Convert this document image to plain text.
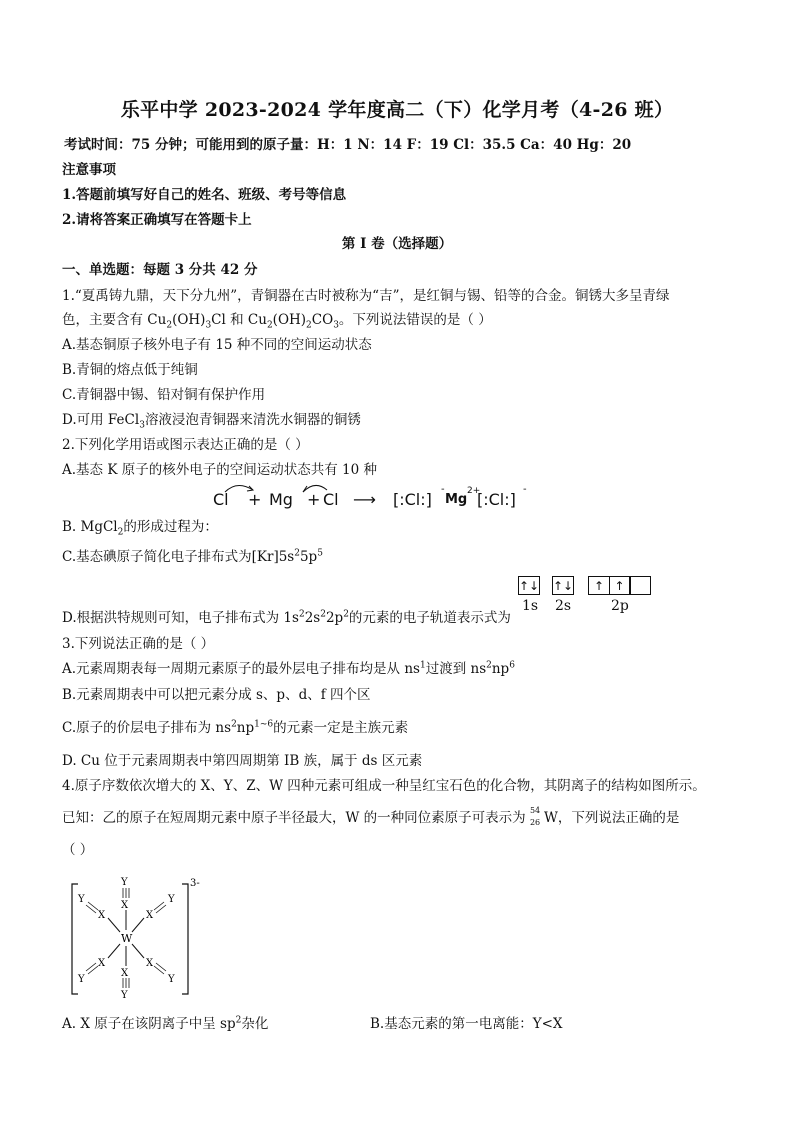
乐平中学 2023-2024 学年度高二（下）化学月考（4-26 班）
考试时间：75 分钟；可能用到的原子量：H：1 N：14 F：19 Cl：35.5 Ca：40 Hg：20
注意事项
1.答题前填写好自己的姓名、班级、考号等信息
2.请将答案正确填写在答题卡上
第 I 卷（选择题）
一、单选题：每题 3 分共 42 分
1.“夏禹铸九鼎，天下分九州”，青铜器在古时被称为“吉”，是红铜与锡、铅等的合金。铜锈大多呈青绿
色，主要含有 $Cu_2(OH)_3Cl$ 和 $Cu_2(OH)_2CO_3$。下列说法错误的是（ ）
A.基态铜原子核外电子有 15 种不同的空间运动状态
B.青铜的熔点低于纯铜
C.青铜器中锡、铅对铜有保护作用
D.可用 FeCl$_3$溶液浸泡青铜器来清洗水铜器的铜锈
2.下列化学用语或图示表达正确的是（ ）
A.基态 K 原子的核外电子的空间运动状态共有 10 种
Cl + Mg + Cl ⟶ [:Cl:]
-
Mg
2+
[:Cl:]
-
B. MgCl$_2$的形成过程为：
C.基态碘原子简化电子排布式为$[Kr]5s^25p^5$
↑↓ ↑↓	↑ ↑
1s 2s	2p
D.根据洪特规则可知，电子排布式为 $1s^22s^22p^2$的元素的电子轨道表示式为
3.下列说法正确的是（ ）
A.元素周期表每一周期元素原子的最外层电子排布均是从 $ns^1$过渡到 $ns^2np^6$
B.元素周期表中可以把元素分成 s、p、d、f 四个区
C.原子的价层电子排布为 $ns^2np^{1\sim 6}$的元素一定是主族元素
D. Cu 位于元素周期表中第四周期第 IB 族，属于 ds 区元素
4.原子序数依次增大的 X、Y、Z、W 四种元素可组成一种呈红宝石色的化合物，其阴离子的结构如图所示。
已知：乙的原子在短周期元素中原子半径最大，W 的一种同位素原子可表示为 54
26 W，下列说法正确的是
（ ）
W
X
X
X	X
X	X
Y
Y
Y	Y
Y	Y
3-
A. X 原子在该阴离子中呈 $sp^2$杂化	B.基态元素的第一电离能：Y<X
